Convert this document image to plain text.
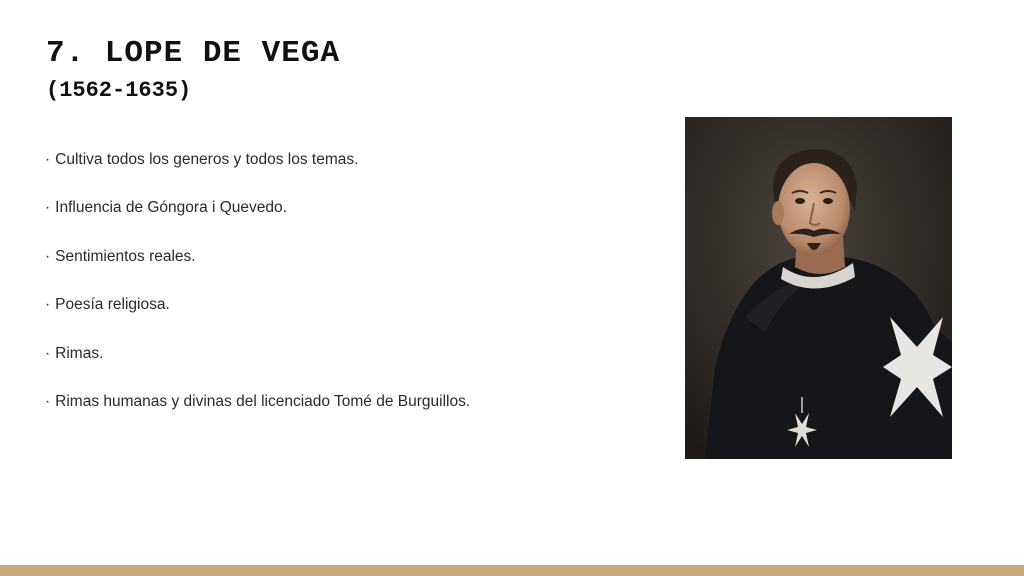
7. LOPE DE VEGA
(1562-1635)
· Cultiva todos los generos y todos los temas.
· Influencia de Góngora i Quevedo.
· Sentimientos reales.
· Poesía religiosa.
· Rimas.
· Rimas humanas y divinas del licenciado Tomé de Burguillos.
